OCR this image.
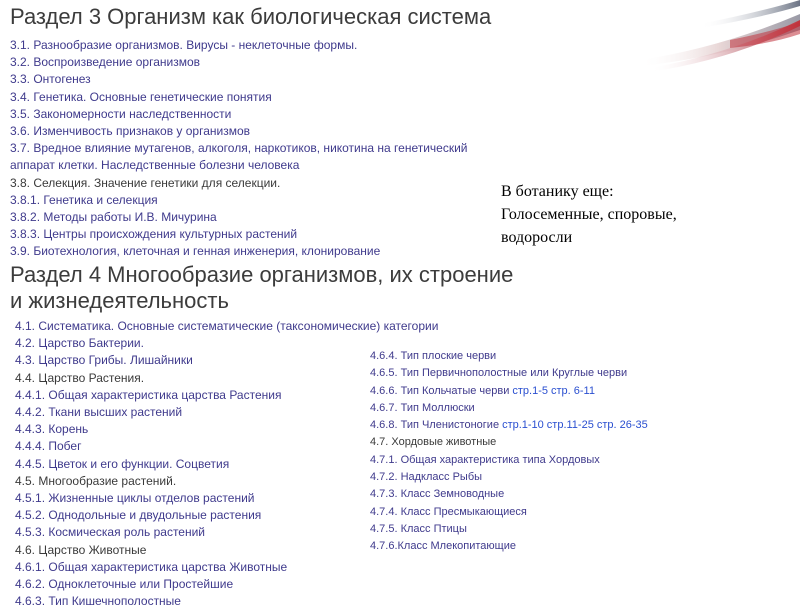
Раздел 3 Организм как биологическая система
3.1. Разнообразие организмов. Вирусы - неклеточные формы.
3.2. Воспроизведение организмов
3.3. Онтогенез
3.4. Генетика. Основные генетические понятия
3.5. Закономерности наследственности
3.6. Изменчивость признаков у организмов
3.7. Вредное влияние мутагенов, алкоголя, наркотиков, никотина на генетический
аппарат клетки. Наследственные болезни человека
3.8. Селекция. Значение генетики для селекции.
3.8.1. Генетика и селекция
3.8.2. Методы работы И.В. Мичурина
3.8.3. Центры происхождения культурных растений
3.9. Биотехнология, клеточная и генная инженерия, клонирование
Раздел 4 Многообразие организмов, их строение
и жизнедеятельность
4.1. Систематика. Основные систематические (таксономические) категории
4.2. Царство Бактерии.
4.3. Царство Грибы. Лишайники
4.4. Царство Растения.
4.4.1. Общая характеристика царства Растения
4.4.2. Ткани высших растений
4.4.3. Корень
4.4.4. Побег
4.4.5. Цветок и его функции. Соцветия
4.5. Многообразие растений.
4.5.1. Жизненные циклы отделов растений
4.5.2. Однодольные и двудольные растения
4.5.3. Космическая роль растений
4.6. Царство Животные
4.6.1. Общая характеристика царства Животные
4.6.2. Одноклеточные или Простейшие
4.6.3. Тип Кишечнополостные
4.6.4. Тип плоские черви
4.6.5. Тип Первичнополостные или Круглые черви
4.6.6. Тип Кольчатые черви стр.1-5 стр. 6-11
4.6.7. Тип Моллюски
4.6.8. Тип Членистоногие стр.1-10 стр.11-25 стр. 26-35
4.7. Хордовые животные
4.7.1. Общая характеристика типа Хордовых
4.7.2. Надкласс Рыбы
4.7.3. Класс Земноводные
4.7.4. Класс Пресмыкающиеся
4.7.5. Класс Птицы
4.7.6.Класс Млекопитающие
В ботанику еще:
Голосеменные, споровые,
водоросли
